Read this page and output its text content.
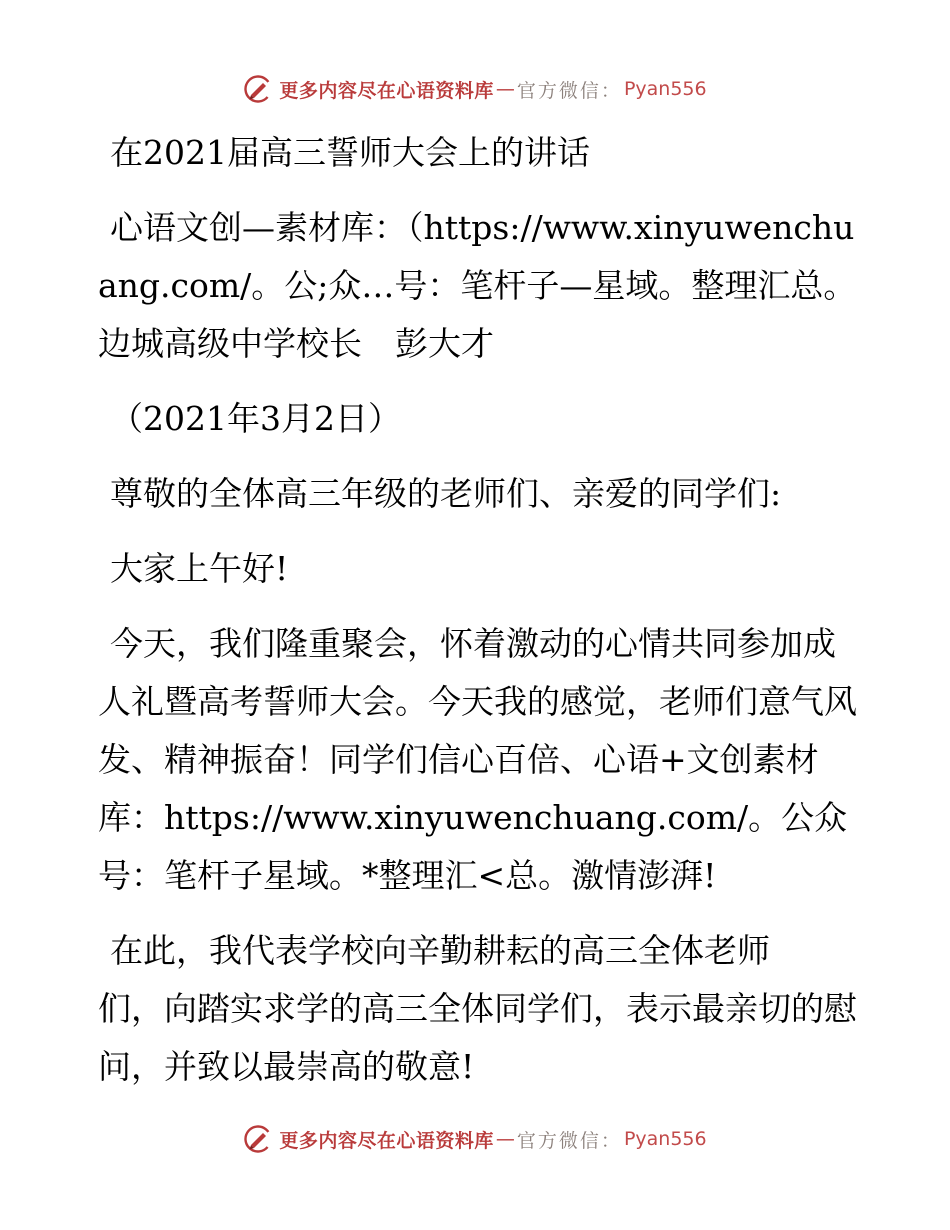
更多内容尽在心语资料库 — 官方微信： Pyan556

在2021届高三誓师大会上的讲话

心语文创—素材库：（https://www.xinyuwenchuang.com/。公;众…号：笔杆子—星域。整理汇总。边城高级中学校长　彭大才

（2021年3月2日）

尊敬的全体高三年级的老师们、亲爱的同学们:

大家上午好!

今天，我们隆重聚会，怀着激动的心情共同参加成人礼暨高考誓师大会。今天我的感觉，老师们意气风发、精神振奋！同学们信心百倍、心语+文创素材库：https://www.xinyuwenchuang.com/。公众号：笔杆子星域。*整理汇<总。激情澎湃!

在此，我代表学校向辛勤耕耘的高三全体老师
们，向踏实求学的高三全体同学们，表示最亲切的慰问，并致以最崇高的敬意!

更多内容尽在心语资料库 — 官方微信： Pyan556
